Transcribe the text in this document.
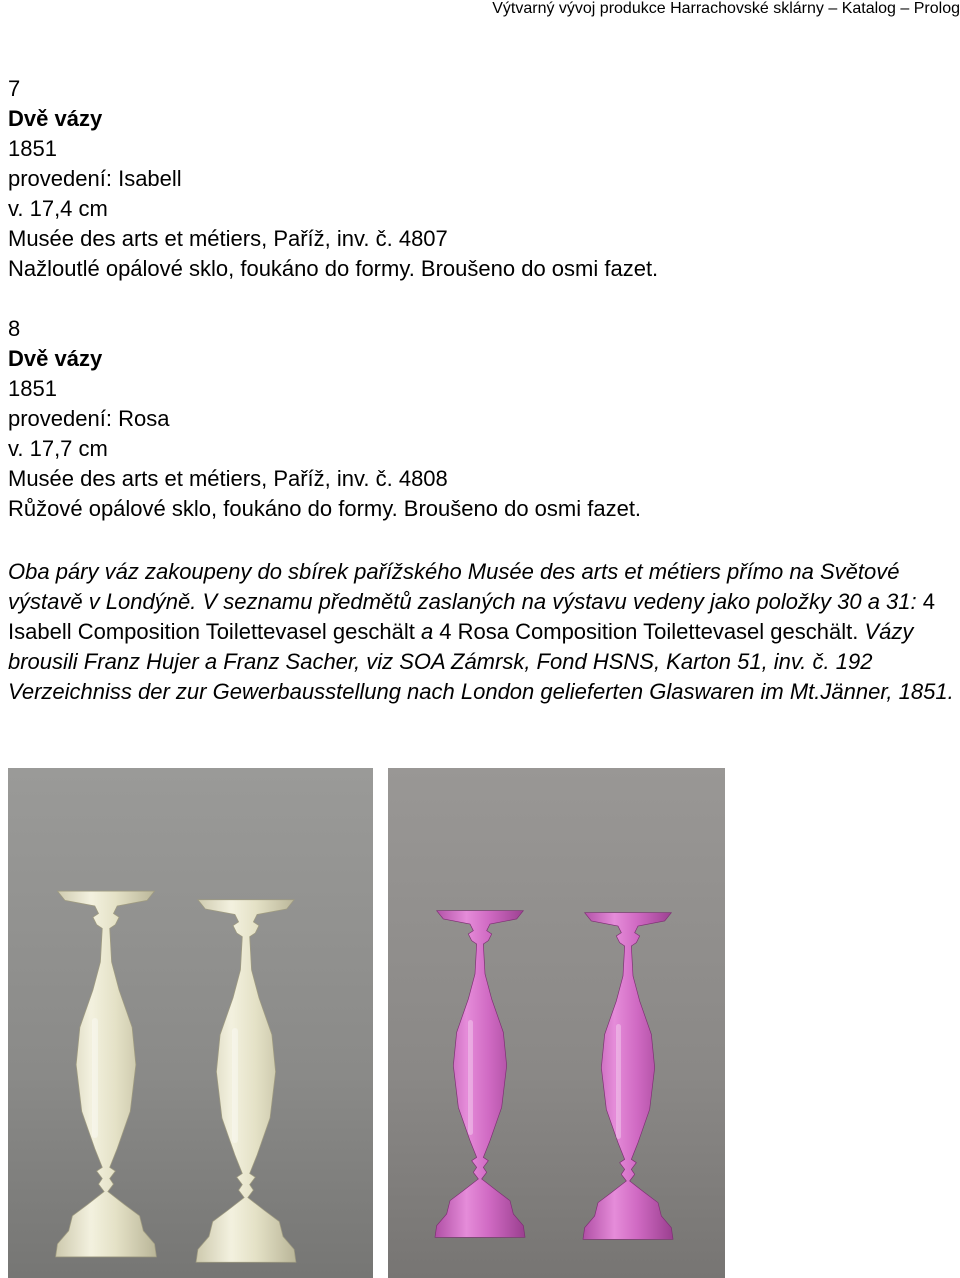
Výtvarný vývoj produkce Harrachovské sklárny – Katalog – Prolog
7
Dvě vázy
1851
provedení: Isabell
v. 17,4 cm
Musée des arts et métiers, Paříž, inv. č. 4807
Nažloutlé opálové sklo, foukáno do formy. Broušeno do osmi fazet.
8
Dvě vázy
1851
provedení: Rosa
v. 17,7 cm
Musée des arts et métiers, Paříž, inv. č. 4808
Růžové opálové sklo, foukáno do formy. Broušeno do osmi fazet.
Oba páry váz zakoupeny do sbírek pařížského Musée des arts et métiers přímo na Světové výstavě v Londýně. V seznamu předmětů zaslaných na výstavu vedeny jako položky 30 a 31: 4 Isabell Composition Toilettevasel geschält a 4 Rosa Composition Toilettevasel geschält. Vázy brousili Franz Hujer a Franz Sacher, viz SOA Zámrsk, Fond HSNS, Karton 51, inv. č. 192 Verzeichniss der zur Gewerbausstellung nach London gelieferten Glaswaren im Mt.Jänner, 1851.
